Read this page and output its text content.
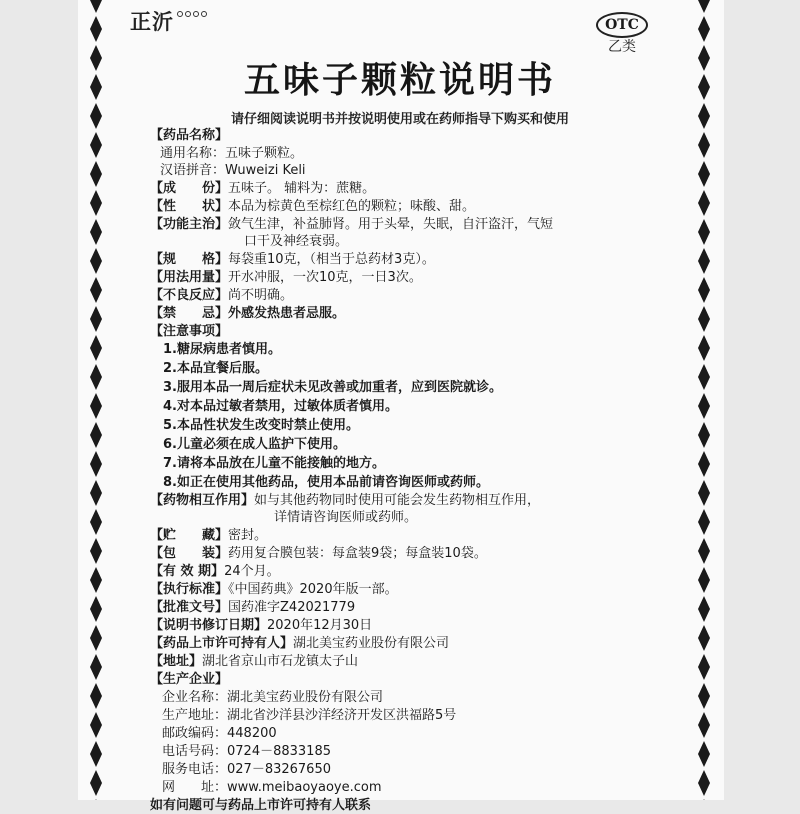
正沂	OTC
乙类
五味子颗粒说明书
请仔细阅读说明书并按说明使用或在药师指导下购买和使用
【药品名称】
通用名称：五味子颗粒。
汉语拼音：Wuweizi Keli
【成　　份】五味子。 辅料为：蔗糖。
【性　　状】本品为棕黄色至棕红色的颗粒；味酸、甜。
【功能主治】敛气生津，补益肺肾。用于头晕，失眠，自汗盗汗，气短
口干及神经衰弱。
【规　　格】每袋重10克，（相当于总药材3克）。
【用法用量】开水冲服，一次10克，一日3次。
【不良反应】尚不明确。
【禁　　忌】外感发热患者忌服。
【注意事项】
1.糖尿病患者慎用。
2.本品宜餐后服。
3.服用本品一周后症状未见改善或加重者，应到医院就诊。
4.对本品过敏者禁用，过敏体质者慎用。
5.本品性状发生改变时禁止使用。
6.儿童必须在成人监护下使用。
7.请将本品放在儿童不能接触的地方。
8.如正在使用其他药品，使用本品前请咨询医师或药师。
【药物相互作用】如与其他药物同时使用可能会发生药物相互作用，
详情请咨询医师或药师。
【贮　　藏】密封。
【包　　装】药用复合膜包装：每盒装9袋；每盒装10袋。
【有 效 期】24个月。
【执行标准】《中国药典》2020年版一部。
【批准文号】国药准字Z42021779
【说明书修订日期】2020年12月30日
【药品上市许可持有人】湖北美宝药业股份有限公司
【地址】湖北省京山市石龙镇太子山
【生产企业】
企业名称：湖北美宝药业股份有限公司
生产地址：湖北省沙洋县沙洋经济开发区洪福路5号
邮政编码：448200
电话号码：0724－8833185
服务电话：027－83267650
网　　址：www.meibaoyaoye.com
如有问题可与药品上市许可持有人联系
